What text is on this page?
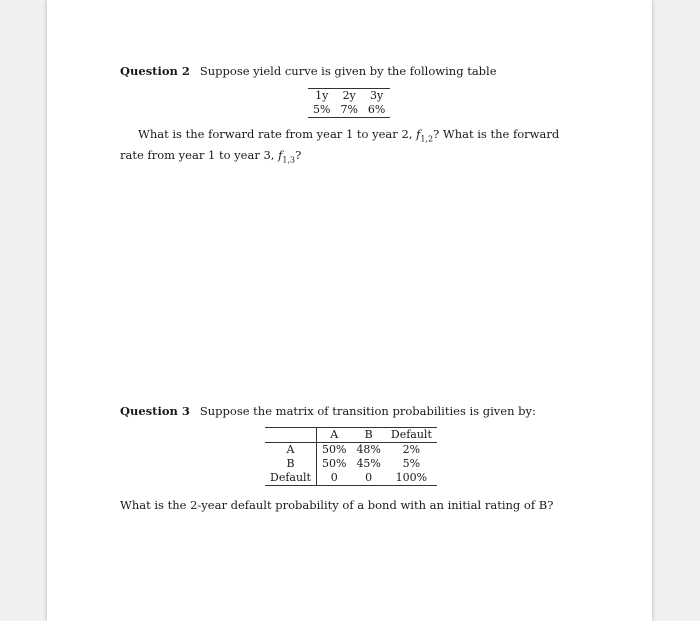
Question 2 Suppose yield curve is given by the following table
1y	2y	3y
5%	7%	6%
What is the forward rate from year 1 to year 2, $f_{1,2}$? What is the forward rate from year 1 to year 3, $f_{1,3}$?
Question 3 Suppose the matrix of transition probabilities is given by:
	A	B	Default
A	50%	48%	2%
B	50%	45%	5%
Default	0	0	100%
What is the 2-year default probability of a bond with an initial rating of B?
